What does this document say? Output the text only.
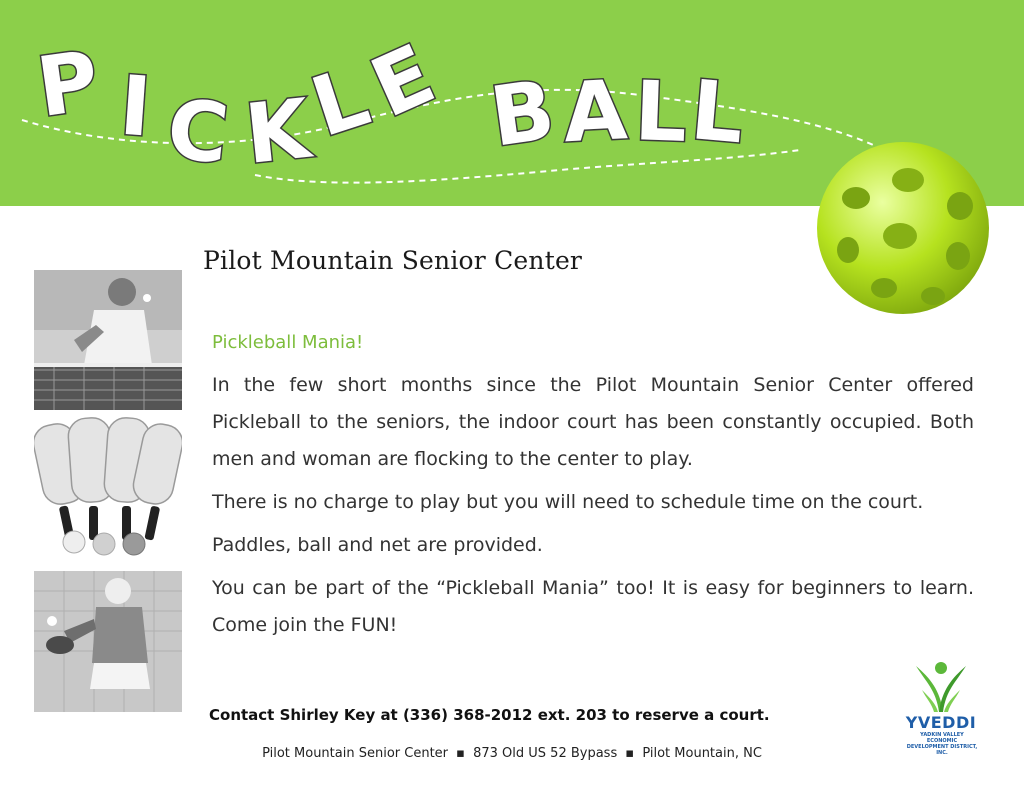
P I C K
L
E B A L
L
Pilot Mountain Senior Center
Pickleball Mania!

In the few short months since the Pilot Mountain Senior Center offered Pickleball to the seniors, the indoor court has been constantly occupied. Both men and woman are flocking to the center to play.

There is no charge to play but you will need to schedule time on the court.

Paddles, ball and net are provided.

You can be part of the “Pickleball Mania” too! It is easy for beginners to learn. Come join the FUN!

Contact Shirley Key at (336) 368-2012 ext. 203 to reserve a court.	YVEDDI
YADKIN VALLEY ECONOMIC DEVELOPMENT DISTRICT, INC.
Pilot Mountain Senior Center ▪ 873 Old US 52 Bypass ▪ Pilot Mountain, NC
